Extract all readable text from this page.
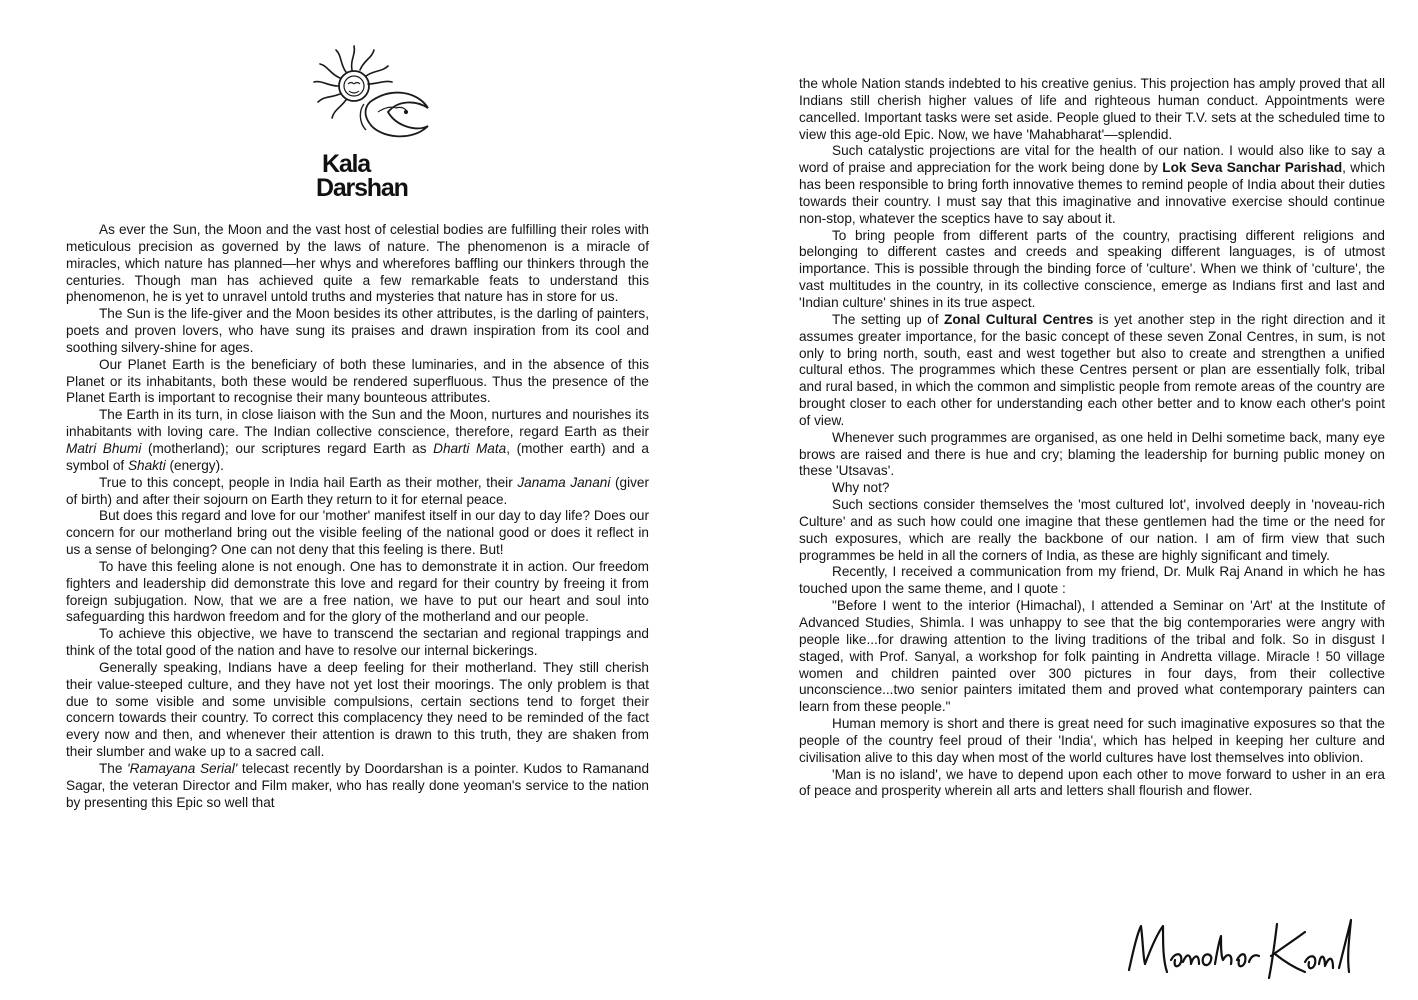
Kala
Darshan

As ever the Sun, the Moon and the vast host of celestial bodies are fulfilling their roles with meticulous precision as governed by the laws of nature. The phenomenon is a miracle of miracles, which nature has planned—her whys and wherefores baffling our thinkers through the centuries. Though man has achieved quite a few remarkable feats to understand this phenomenon, he is yet to unravel untold truths and mysteries that nature has in store for us.

The Sun is the life-giver and the Moon besides its other attributes, is the darling of painters, poets and proven lovers, who have sung its praises and drawn inspiration from its cool and soothing silvery-shine for ages.

Our Planet Earth is the beneficiary of both these luminaries, and in the absence of this Planet or its inhabitants, both these would be rendered superfluous. Thus the presence of the Planet Earth is important to recognise their many bounteous attributes.

The Earth in its turn, in close liaison with the Sun and the Moon, nurtures and nourishes its inhabitants with loving care. The Indian collective conscience, therefore, regard Earth as their Matri Bhumi (motherland); our scriptures regard Earth as Dharti Mata, (mother earth) and a symbol of Shakti (energy).

True to this concept, people in India hail Earth as their mother, their Janama Janani (giver of birth) and after their sojourn on Earth they return to it for eternal peace.

But does this regard and love for our 'mother' manifest itself in our day to day life? Does our concern for our motherland bring out the visible feeling of the national good or does it reflect in us a sense of belonging? One can not deny that this feeling is there. But!

To have this feeling alone is not enough. One has to demonstrate it in action. Our freedom fighters and leadership did demonstrate this love and regard for their country by freeing it from foreign subjugation. Now, that we are a free nation, we have to put our heart and soul into safeguarding this hardwon freedom and for the glory of the motherland and our people.

To achieve this objective, we have to transcend the sectarian and regional trappings and think of the total good of the nation and have to resolve our internal bickerings.

Generally speaking, Indians have a deep feeling for their motherland. They still cherish their value-steeped culture, and they have not yet lost their moorings. The only problem is that due to some visible and some unvisible compulsions, certain sections tend to forget their concern towards their country. To correct this complacency they need to be reminded of the fact every now and then, and whenever their attention is drawn to this truth, they are shaken from their slumber and wake up to a sacred call.

The 'Ramayana Serial' telecast recently by Doordarshan is a pointer. Kudos to Ramanand Sagar, the veteran Director and Film maker, who has really done yeoman's service to the nation by presenting this Epic so well that

the whole Nation stands indebted to his creative genius. This projection has amply proved that all Indians still cherish higher values of life and righteous human conduct. Appointments were cancelled. Important tasks were set aside. People glued to their T.V. sets at the scheduled time to view this age-old Epic. Now, we have 'Mahabharat'—splendid.

Such catalystic projections are vital for the health of our nation. I would also like to say a word of praise and appreciation for the work being done by Lok Seva Sanchar Parishad, which has been responsible to bring forth innovative themes to remind people of India about their duties towards their country. I must say that this imaginative and innovative exercise should continue non-stop, whatever the sceptics have to say about it.

To bring people from different parts of the country, practising different religions and belonging to different castes and creeds and speaking different languages, is of utmost importance. This is possible through the binding force of 'culture'. When we think of 'culture', the vast multitudes in the country, in its collective conscience, emerge as Indians first and last and 'Indian culture' shines in its true aspect.

The setting up of Zonal Cultural Centres is yet another step in the right direction and it assumes greater importance, for the basic concept of these seven Zonal Centres, in sum, is not only to bring north, south, east and west together but also to create and strengthen a unified cultural ethos. The programmes which these Centres persent or plan are essentially folk, tribal and rural based, in which the common and simplistic people from remote areas of the country are brought closer to each other for understanding each other better and to know each other's point of view.

Whenever such programmes are organised, as one held in Delhi sometime back, many eye brows are raised and there is hue and cry; blaming the leadership for burning public money on these 'Utsavas'.

Why not?

Such sections consider themselves the 'most cultured lot', involved deeply in 'noveau-rich Culture' and as such how could one imagine that these gentlemen had the time or the need for such exposures, which are really the backbone of our nation. I am of firm view that such programmes be held in all the corners of India, as these are highly significant and timely.

Recently, I received a communication from my friend, Dr. Mulk Raj Anand in which he has touched upon the same theme, and I quote :

"Before I went to the interior (Himachal), I attended a Seminar on 'Art' at the Institute of Advanced Studies, Shimla. I was unhappy to see that the big contemporaries were angry with people like...for drawing attention to the living traditions of the tribal and folk. So in disgust I staged, with Prof. Sanyal, a workshop for folk painting in Andretta village. Miracle ! 50 village women and children painted over 300 pictures in four days, from their collective unconscience...two senior painters imitated them and proved what contemporary painters can learn from these people."

Human memory is short and there is great need for such imaginative exposures so that the people of the country feel proud of their 'India', which has helped in keeping her culture and civilisation alive to this day when most of the world cultures have lost themselves into oblivion.

'Man is no island', we have to depend upon each other to move forward to usher in an era of peace and prosperity wherein all arts and letters shall flourish and flower.
